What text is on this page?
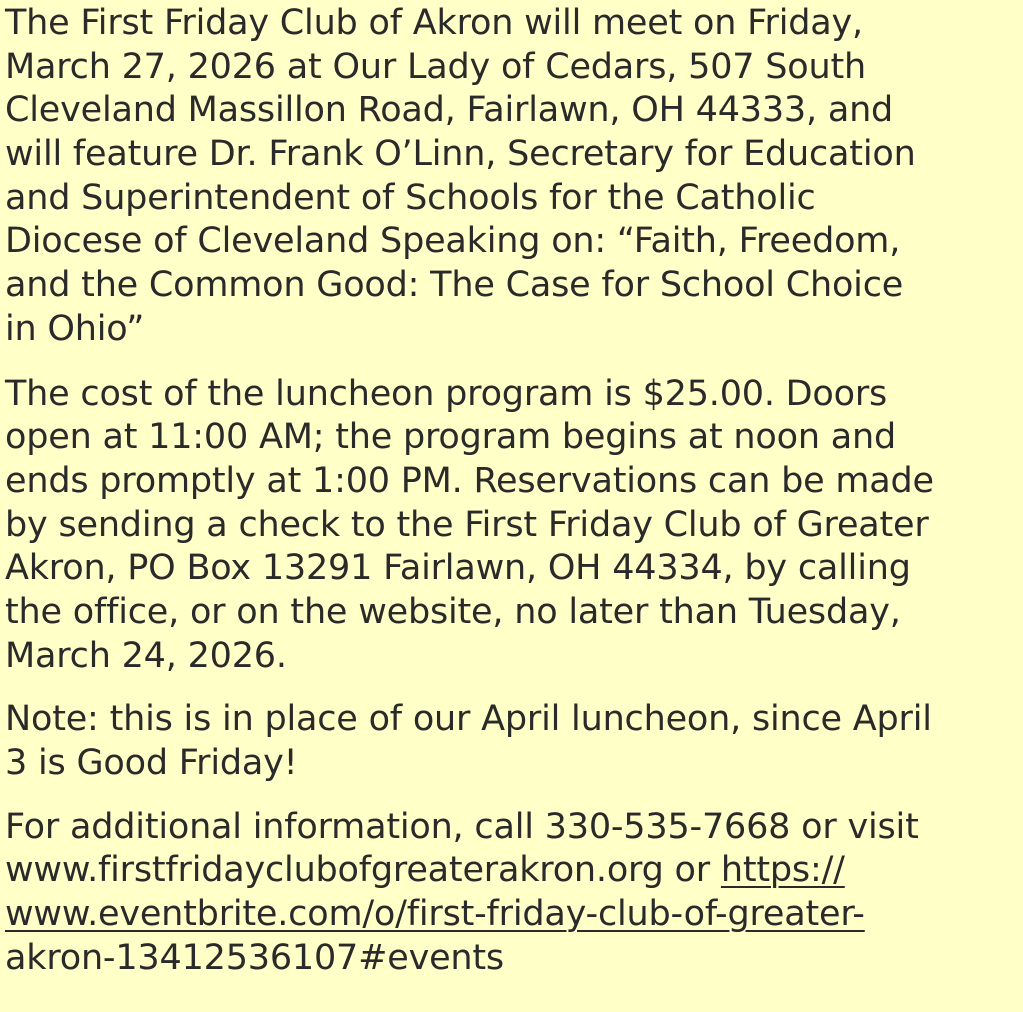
The First Friday Club of Akron will meet on Friday,
March 27, 2026 at Our Lady of Cedars, 507 South
Cleveland Massillon Road, Fairlawn, OH 44333, and
will feature Dr. Frank O’Linn, Secretary for Education
and Superintendent of Schools for the Catholic
Diocese of Cleveland Speaking on: “Faith, Freedom,
and the Common Good: The Case for School Choice
in Ohio”
The cost of the luncheon program is $25.00. Doors
open at 11:00 AM; the program begins at noon and
ends promptly at 1:00 PM. Reservations can be made
by sending a check to the First Friday Club of Greater
Akron, PO Box 13291 Fairlawn, OH 44334, by calling
the office, or on the website, no later than Tuesday,
March 24, 2026.
Note: this is in place of our April luncheon, since April
3 is Good Friday!
For additional information, call 330-535-7668 or visit
www.firstfridayclubofgreaterakron.org or https://
www.eventbrite.com/o/first-friday-club-of-greater-
akron-13412536107#events
